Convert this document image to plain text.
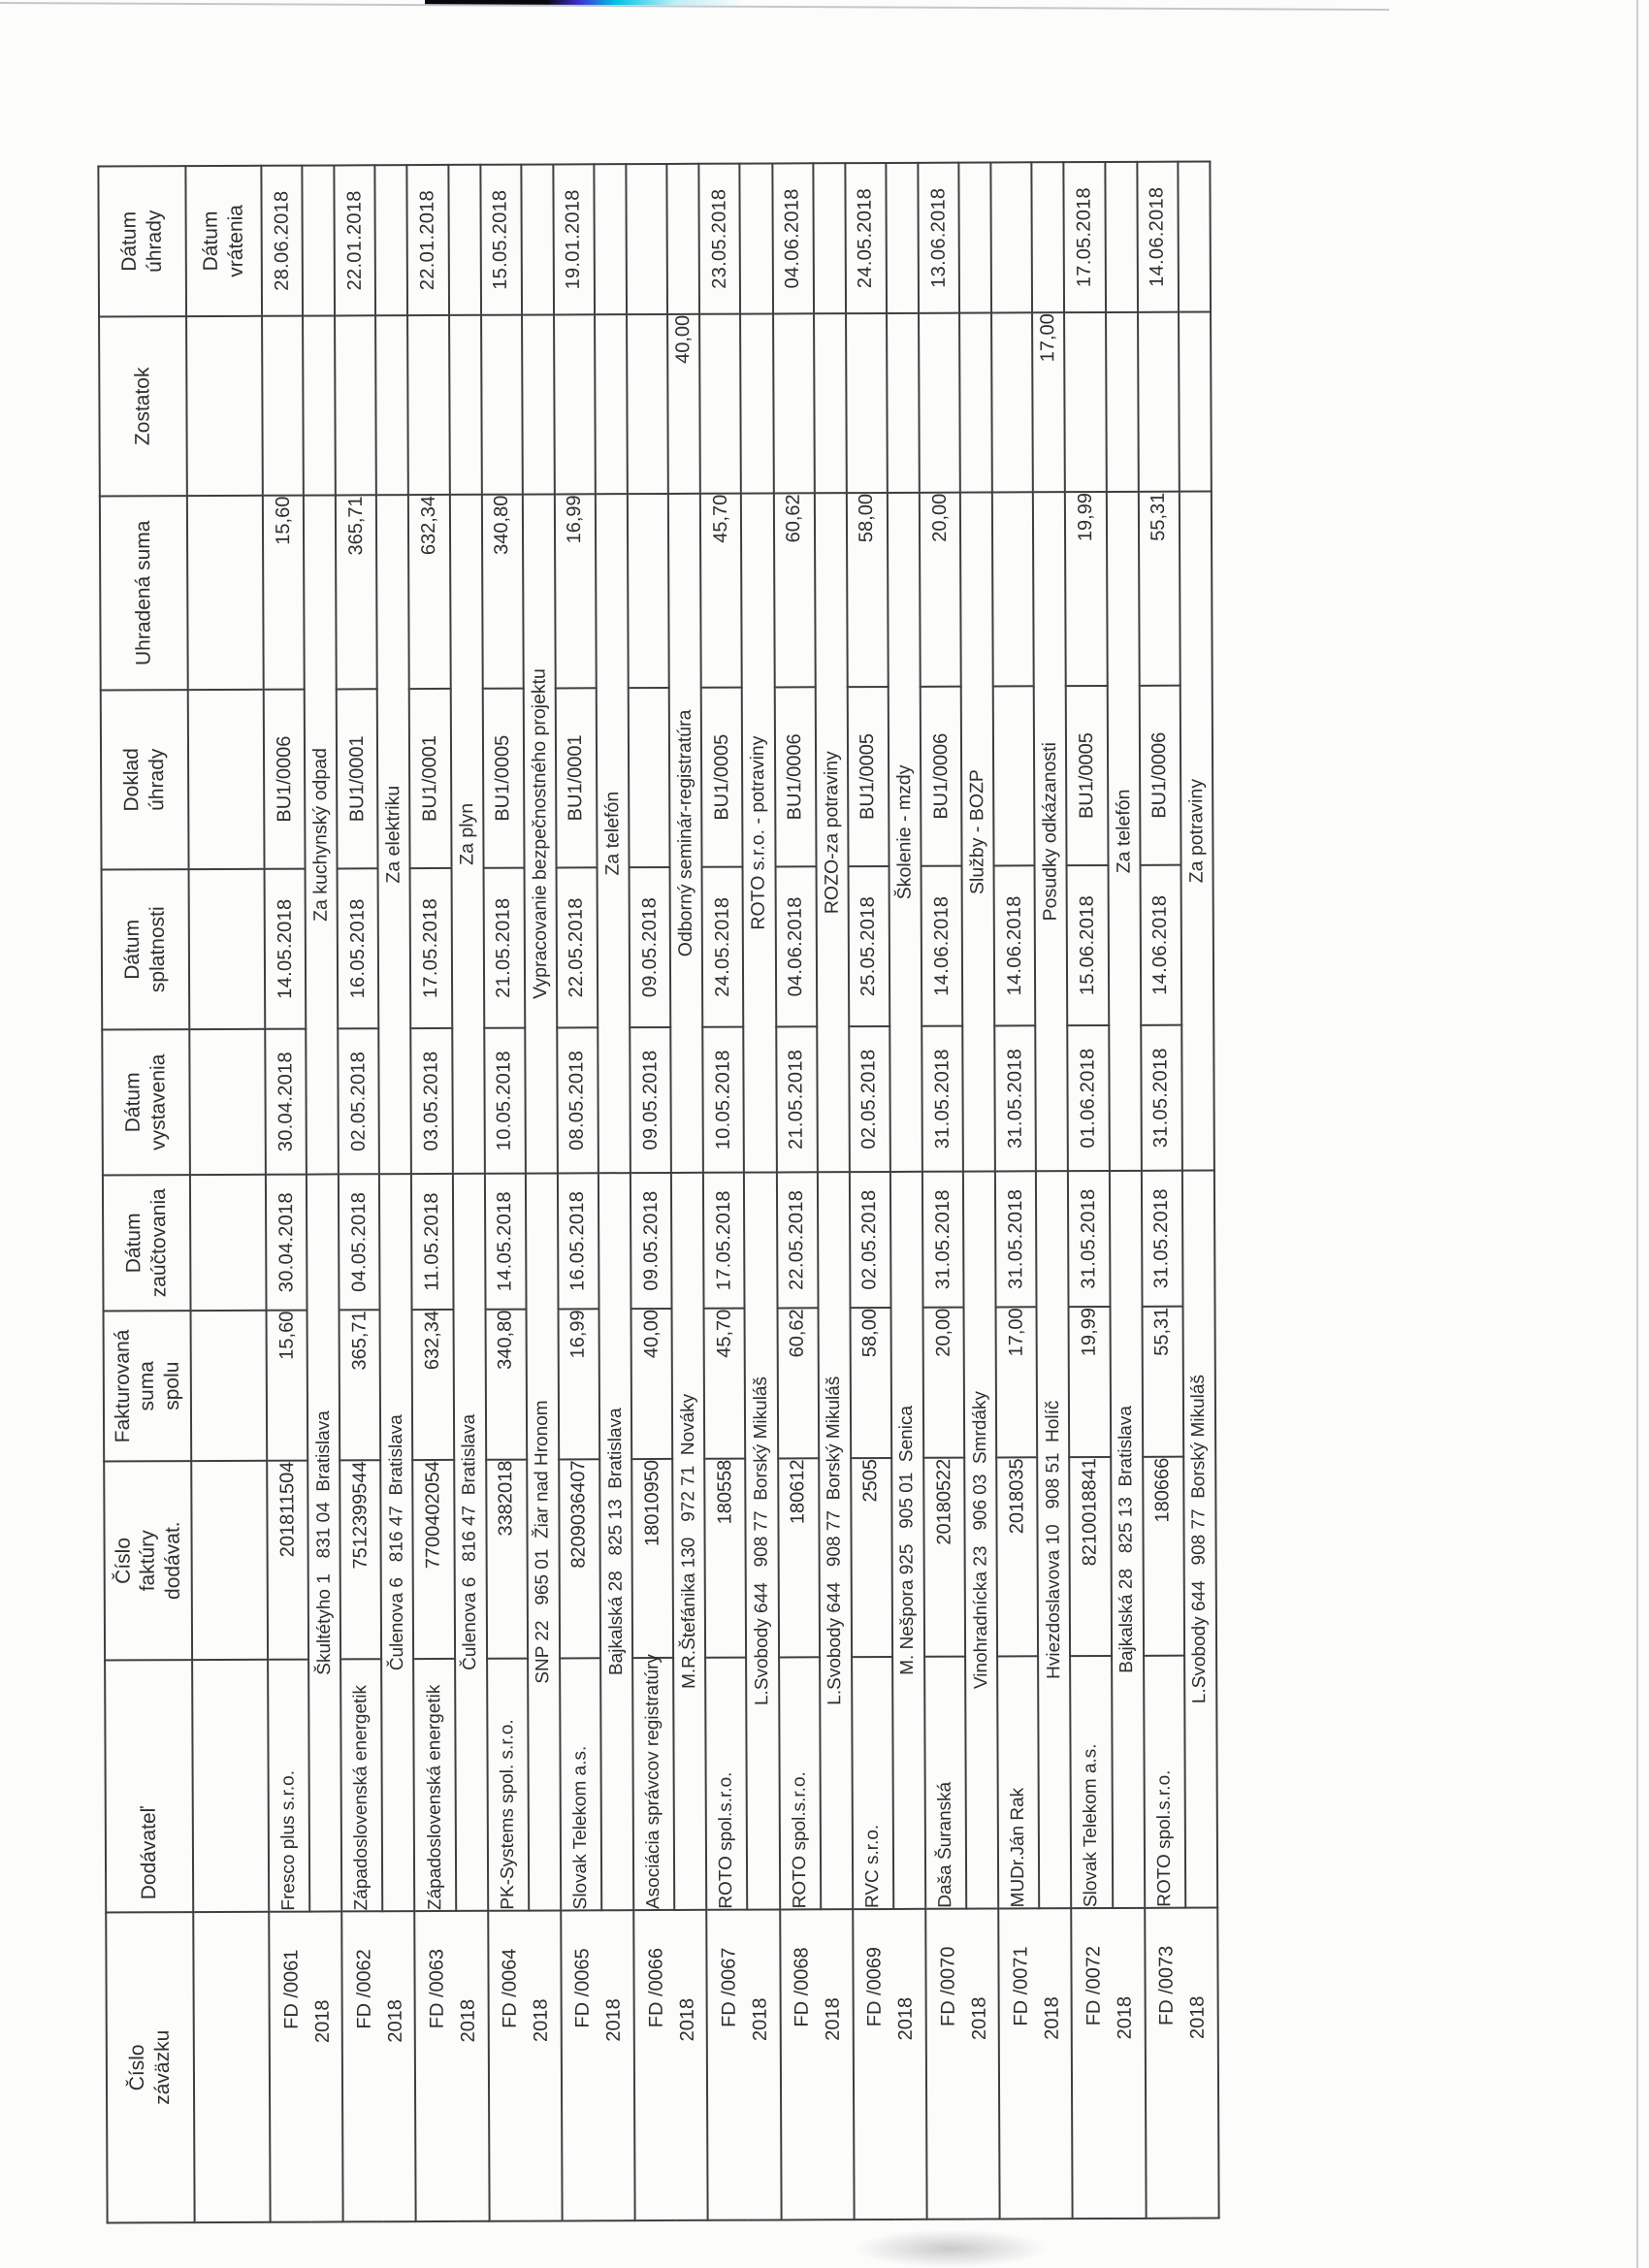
Číslo
záväzku	Dodávateľ	Číslo
faktúry
dodávat.	Fakturovaná
suma
spolu	Dátum
zaúčtovania	Dátum
vystavenia	Dátum
splatnosti	Doklad
úhrady	Uhradená suma	Zostatok	Dátum
úhrady
										Dátum
vrátenia

FD /0061 2018	Fresco plus s.r.o.	201811504	15,60	30.04.2018	30.04.2018	14.05.2018	BU1/0006	15,60		28.06.2018
	Škultétyho 1   831 04  Bratislava				Za kuchynský odpad					

FD /0062 2018	Západoslovenská energetik	7512399544	365,71	04.05.2018	02.05.2018	16.05.2018	BU1/0001	365,71		22.01.2018
	Čulenova 6   816 47  Bratislava				Za elektriku					

FD /0063 2018	Západoslovenská energetik	7700402054	632,34	11.05.2018	03.05.2018	17.05.2018	BU1/0001	632,34		22.01.2018
	Čulenova 6   816 47  Bratislava				Za plyn					

FD /0064 2018	PK-Systems spol. s.r.o.	3382018	340,80	14.05.2018	10.05.2018	21.05.2018	BU1/0005	340,80		15.05.2018
	SNP 22   965 01  Žiar nad Hronom				Vypracovanie bezpečnostného projektu					

FD /0065 2018	Slovak Telekom a.s.	8209036407	16,99	16.05.2018	08.05.2018	22.05.2018	BU1/0001	16,99		19.01.2018
	Bajkalská 28   825 13  Bratislava				Za telefón					

FD /0066 2018	Asociácia správcov registratúry	18010950	40,00	09.05.2018	09.05.2018	09.05.2018				
	M.R.Štefánika 130   972 71  Nováky				Odborný seminár-registratúra				40,00	

FD /0067 2018	ROTO spol.s.r.o.	180558	45,70	17.05.2018	10.05.2018	24.05.2018	BU1/0005	45,70		23.05.2018
	L.Svobody 644   908 77  Borský Mikuláš				ROTO s.r.o. - potraviny					

FD /0068 2018	ROTO spol.s.r.o.	180612	60,62	22.05.2018	21.05.2018	04.06.2018	BU1/0006	60,62		04.06.2018
	L.Svobody 644   908 77  Borský Mikuláš				ROZO-za potraviny					

FD /0069 2018	RVC s.r.o.	2505	58,00	02.05.2018	02.05.2018	25.05.2018	BU1/0005	58,00		24.05.2018
	M. Nešpora 925   905 01  Senica				Školenie - mzdy					

FD /0070 2018	Daša Šuranská	20180522	20,00	31.05.2018	31.05.2018	14.06.2018	BU1/0006	20,00		13.06.2018
	Vinohradnícka 23   906 03  Smrdáky				Služby - BOZP					

FD /0071 2018	MUDr.Ján Rak	2018035	17,00	31.05.2018	31.05.2018	14.06.2018				
	Hviezdoslavova 10   908 51  Holíč				Posudky odkázanosti				17,00	

FD /0072 2018	Slovak Telekom a.s.	8210018841	19,99	31.05.2018	01.06.2018	15.06.2018	BU1/0005	19,99		17.05.2018
	Bajkalská 28   825 13  Bratislava				Za telefón					

FD /0073 2018	ROTO spol.s.r.o.	180666	55,31	31.05.2018	31.05.2018	14.06.2018	BU1/0006	55,31		14.06.2018
	L.Svobody 644   908 77  Borský Mikuláš				Za potraviny					
